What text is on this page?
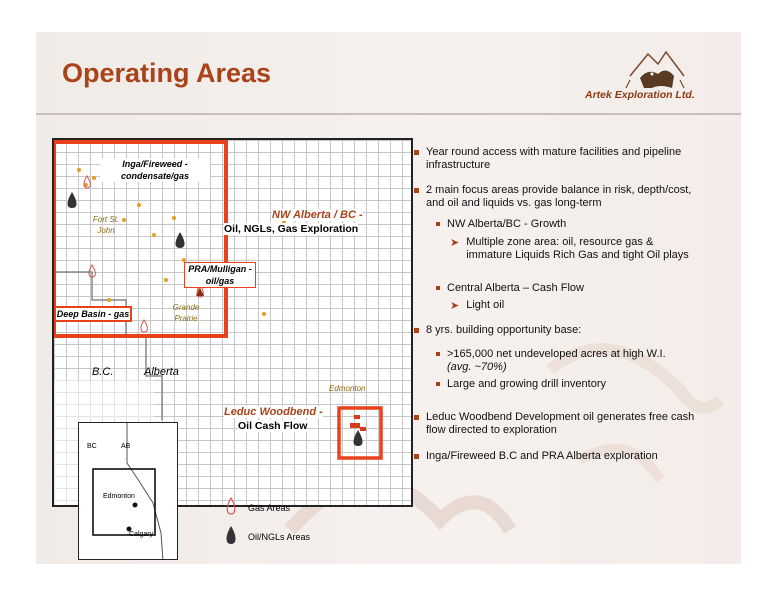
Operating Areas
Artek Exploration Ltd.
Inga/Fireweed - condensate/gas
Fort St. John
NW Alberta / BC -
Oil, NGLs, Gas Exploration
PRA/Mulligan - oil/gas
Grande Prairie
Deep Basin - gas
B.C.	Alberta
Edmonton
Leduc Woodbend -
Oil Cash Flow
BC	AB
Edmonton
Calgary
Gas Areas
Oil/NGLs Areas
Year round access with mature facilities and pipeline infrastructure
2 main focus areas provide balance in risk, depth/cost, and oil and liquids vs. gas long-term
NW Alberta/BC - Growth
➤ Multiple zone area: oil, resource gas & immature Liquids Rich Gas and tight Oil plays
Central Alberta – Cash Flow
➤ Light oil
8 yrs. building opportunity base:
>165,000 net undeveloped acres at high W.I.
(avg. ~70%)
Large and growing drill inventory
Leduc Woodbend Development oil generates free cash flow directed to exploration
Inga/Fireweed B.C and PRA Alberta exploration
